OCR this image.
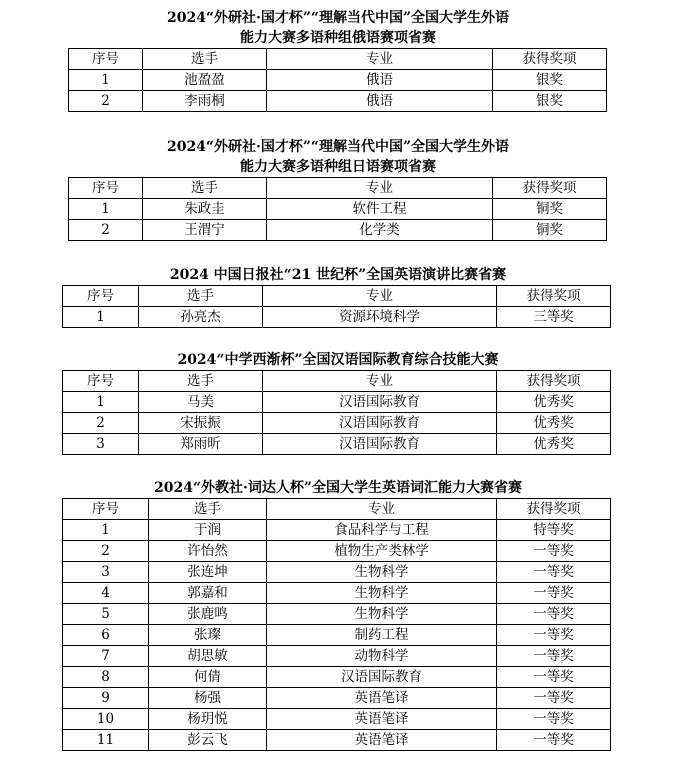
2024“外研社·国才杯”“理解当代中国”全国大学生外语
能力大赛多语种组俄语赛项省赛
序号	选手	专业	获得奖项
1	池盈盈	俄语	银奖
2	李雨桐	俄语	银奖
2024“外研社·国才杯”“理解当代中国”全国大学生外语
能力大赛多语种组日语赛项省赛
序号	选手	专业	获得奖项
1	朱政圭	软件工程	铜奖
2	王渭宁	化学类	铜奖
2024 中国日报社“21 世纪杯”全国英语演讲比赛省赛
序号	选手	专业	获得奖项
1	孙亮杰	资源环境科学	三等奖
2024“中学西渐杯”全国汉语国际教育综合技能大赛
序号	选手	专业	获得奖项
1	马美	汉语国际教育	优秀奖
2	宋振振	汉语国际教育	优秀奖
3	郑雨昕	汉语国际教育	优秀奖
2024“外教社·词达人杯”全国大学生英语词汇能力大赛省赛
序号	选手	专业	获得奖项
1	于润	食品科学与工程	特等奖
2	许怡然	植物生产类林学	一等奖
3	张连坤	生物科学	一等奖
4	郭嘉和	生物科学	一等奖
5	张鹿鸣	生物科学	一等奖
6	张璨	制药工程	一等奖
7	胡思敏	动物科学	一等奖
8	何倩	汉语国际教育	一等奖
9	杨强	英语笔译	一等奖
10	杨玥悦	英语笔译	一等奖
11	彭云飞	英语笔译	一等奖
